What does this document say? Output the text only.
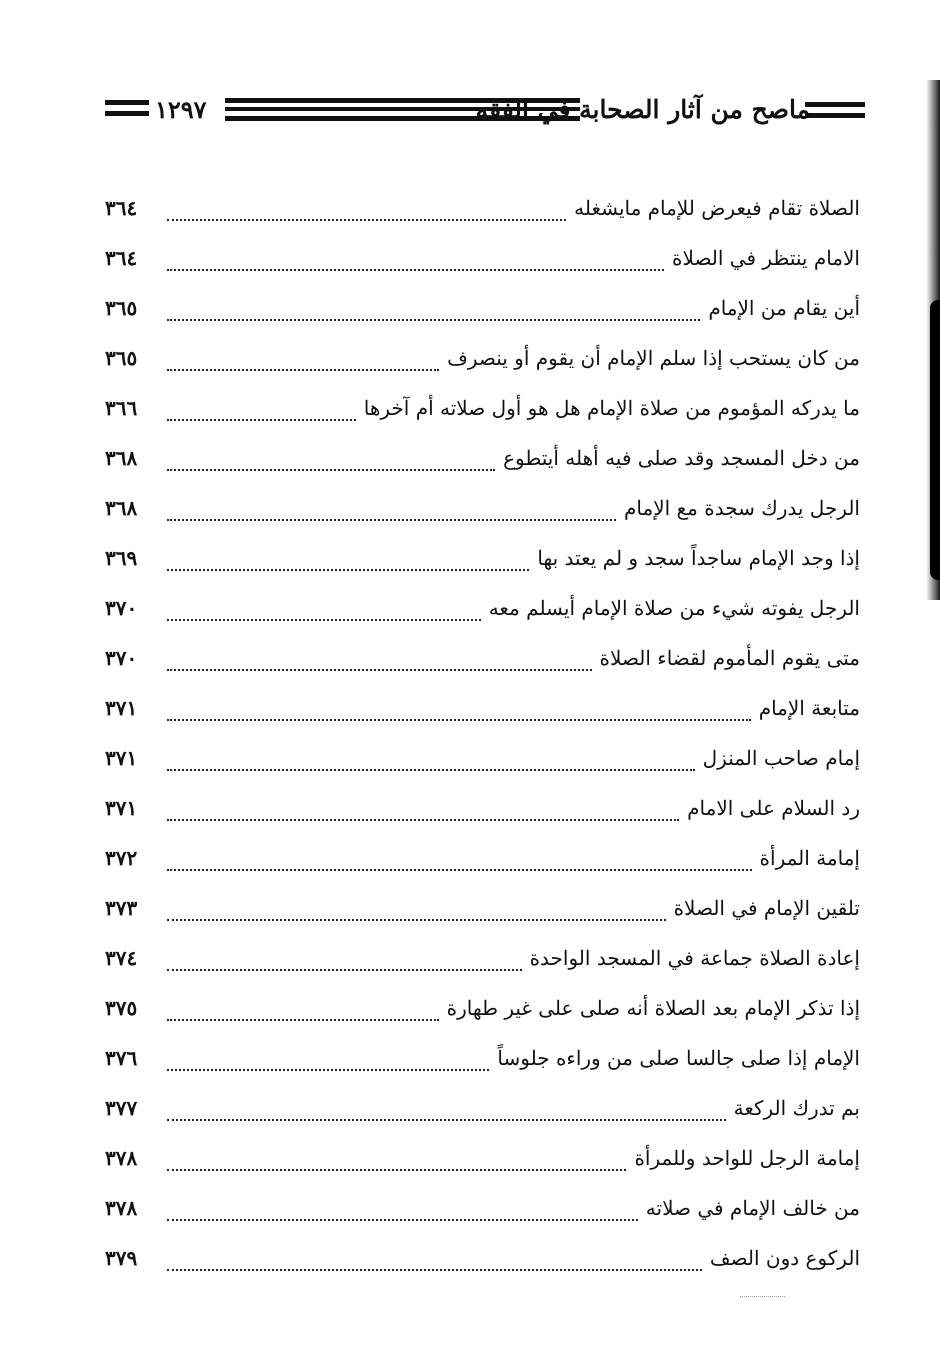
١٢٩٧	ماصح من آثار الصحابة في الفقه
الصلاة تقام فيعرض للإمام مايشغله
٣٦٤
الامام ينتظر في الصلاة
٣٦٤
أين يقام من الإمام
٣٦٥
من كان يستحب إذا سلم الإمام أن يقوم أو ينصرف
٣٦٥
ما يدركه المؤموم من صلاة الإمام هل هو أول صلاته أم آخرها
٣٦٦
من دخل المسجد وقد صلى فيه أهله أيتطوع
٣٦٨
الرجل يدرك سجدة مع الإمام
٣٦٨
إذا وجد الإمام ساجداً سجد و لم يعتد بها
٣٦٩
الرجل يفوته شيء من صلاة الإمام أيسلم معه
٣٧٠
متى يقوم المأموم لقضاء الصلاة
٣٧٠
متابعة الإمام
٣٧١
إمام صاحب المنزل
٣٧١
رد السلام على الامام
٣٧١
إمامة المرأة
٣٧٢
تلقين الإمام في الصلاة
٣٧٣
إعادة الصلاة جماعة في المسجد الواحدة
٣٧٤
إذا تذكر الإمام بعد الصلاة أنه صلى على غير طهارة
٣٧٥
الإمام إذا صلى جالسا صلى من وراءه جلوساً
٣٧٦
بم تدرك الركعة
٣٧٧
إمامة الرجل للواحد وللمرأة
٣٧٨
من خالف الإمام في صلاته
٣٧٨
الركوع دون الصف
٣٧٩
